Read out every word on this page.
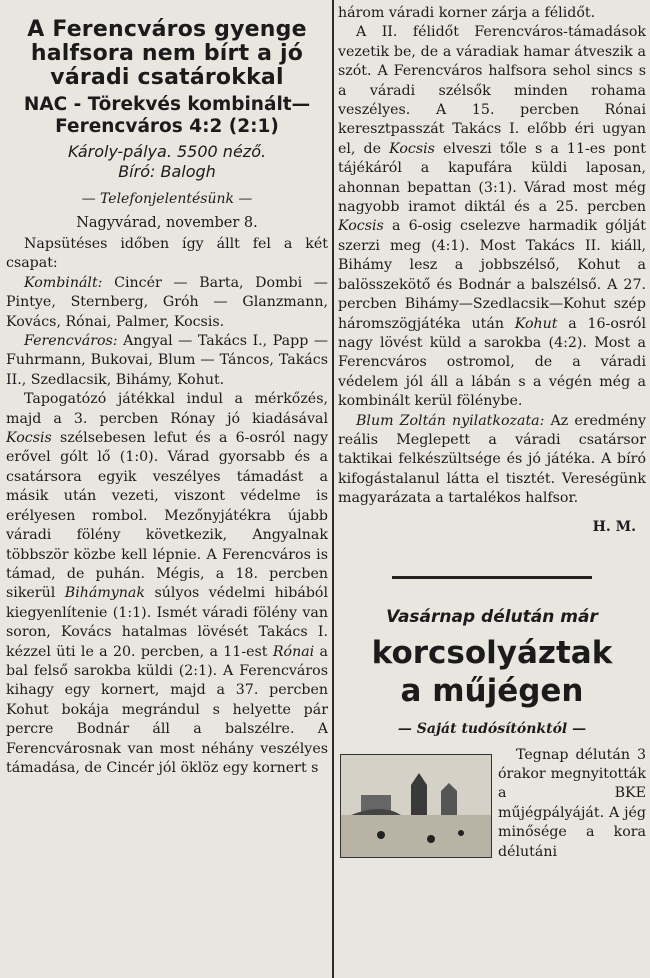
A Ferencváros gyenge halfsora nem bírt a jó váradi csatárokkal
NAC - Törekvés kombinált— Ferencváros 4:2 (2:1)
Károly-pálya. 5500 néző.
Bíró: Balogh
— Telefonjelentésünk —
Nagyvárad, november 8.

Napsütéses időben így állt fel a két csapat:

Kombinált: Cincér — Barta, Dombi — Pintye, Sternberg, Gróh — Glanzmann, Kovács, Rónai, Palmer, Kocsis.

Ferencváros: Angyal — Takács I., Papp — Fuhrmann, Bukovai, Blum — Táncos, Takács II., Szedlacsik, Bihámy, Kohut.

Tapogatózó játékkal indul a mérkőzés, majd a 3. percben Rónay jó kiadásával Kocsis szélsebesen lefut és a 6-osról nagy erővel gólt lő (1:0). Várad gyorsabb és a csatársora egyik veszélyes támadást a másik után vezeti, viszont védelme is erélyesen rombol. Mezőnyjátékra újabb váradi fölény következik, Angyalnak többször közbe kell lépnie. A Ferencváros is támad, de puhán. Mégis, a 18. percben sikerül Bihámynak súlyos védelmi hibából kiegyenlítenie (1:1). Ismét váradi fölény van soron, Kovács hatalmas lövését Takács I. kézzel üti le a 20. percben, a 11-est Rónai a bal felső sarokba küldi (2:1). A Ferencváros kihagy egy kornert, majd a 37. percben Kohut bokája megrándul s helyette pár percre Bodnár áll a balszélre. A Ferencvárosnak van most néhány veszélyes támadása, de Cincér jól öklöz egy kornert s

három váradi korner zárja a félidőt.

A II. félidőt Ferencváros-támadások vezetik be, de a váradiak hamar átveszik a szót. A Ferencváros halfsora sehol sincs s a váradi szélsők minden rohama veszélyes. A 15. percben Rónai keresztpasszát Takács I. előbb éri ugyan el, de Kocsis elveszi tőle s a 11-es pont tájékáról a kapufára küldi laposan, ahonnan bepattan (3:1). Várad most még nagyobb iramot diktál és a 25. percben Kocsis a 6-osig cselezve harmadik gólját szerzi meg (4:1). Most Takács II. kiáll, Bihámy lesz a jobbszélső, Kohut a balösszekötő és Bodnár a balszélső. A 27. percben Bihámy—Szedlacsik—Kohut szép háromszögjátéka után Kohut a 16-osról nagy lövést küld a sarokba (4:2). Most a Ferencváros ostromol, de a váradi védelem jól áll a lábán s a végén még a kombinált kerül fölénybe.

Blum Zoltán nyilatkozata: Az eredmény reális Meglepett a váradi csatársor taktikai felkészültsége és jó játéka. A bíró kifogástalanul látta el tisztét. Vereségünk magyarázata a tartalékos halfsor.

H. M.
Vasárnap délután már
korcsolyáztak
a műjégen
— Saját tudósítónktól —
Tegnap délután 3 órakor megnyitották a BKE műjégpályáját. A jég minősége a kora délutáni
